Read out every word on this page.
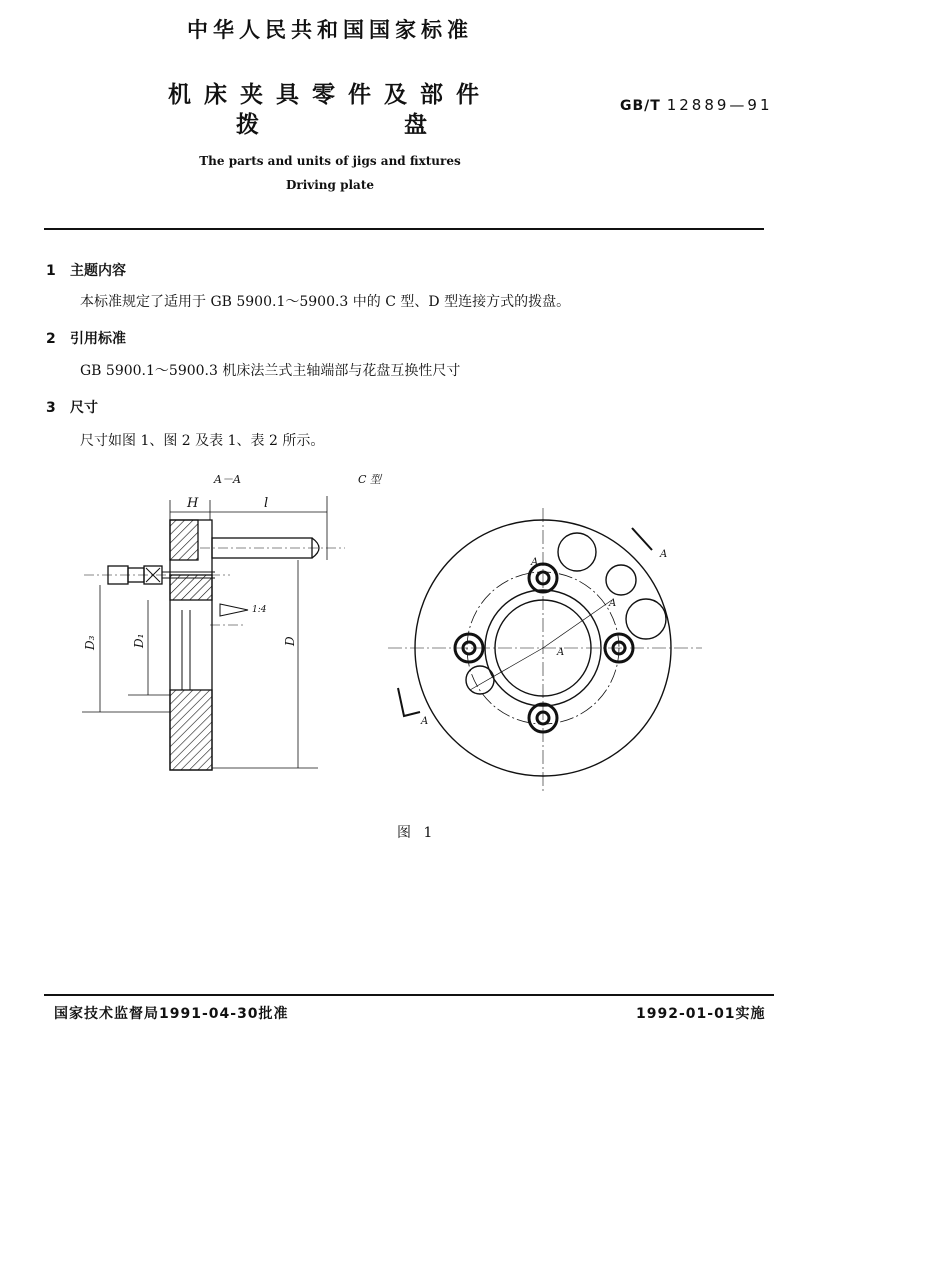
中华人民共和国国家标准
机床夹具零件及部件
拨	盘
GB/T 12889—91
The parts and units of jigs and fixtures
Driving plate
1 主题内容
本标准规定了适用于 GB 5900.1～5900.3 中的 C 型、D 型连接方式的拨盘。
2 引用标准
GB 5900.1～5900.3 机床法兰式主轴端部与花盘互换性尺寸
3 尺寸
尺寸如图 1、图 2 及表 1、表 2 所示。
A－A
H	l
1:4
D₃	D₁	D
C 型
A
A
A
A
A
图 1
国家技术监督局1991-04-30批准	1992-01-01实施
